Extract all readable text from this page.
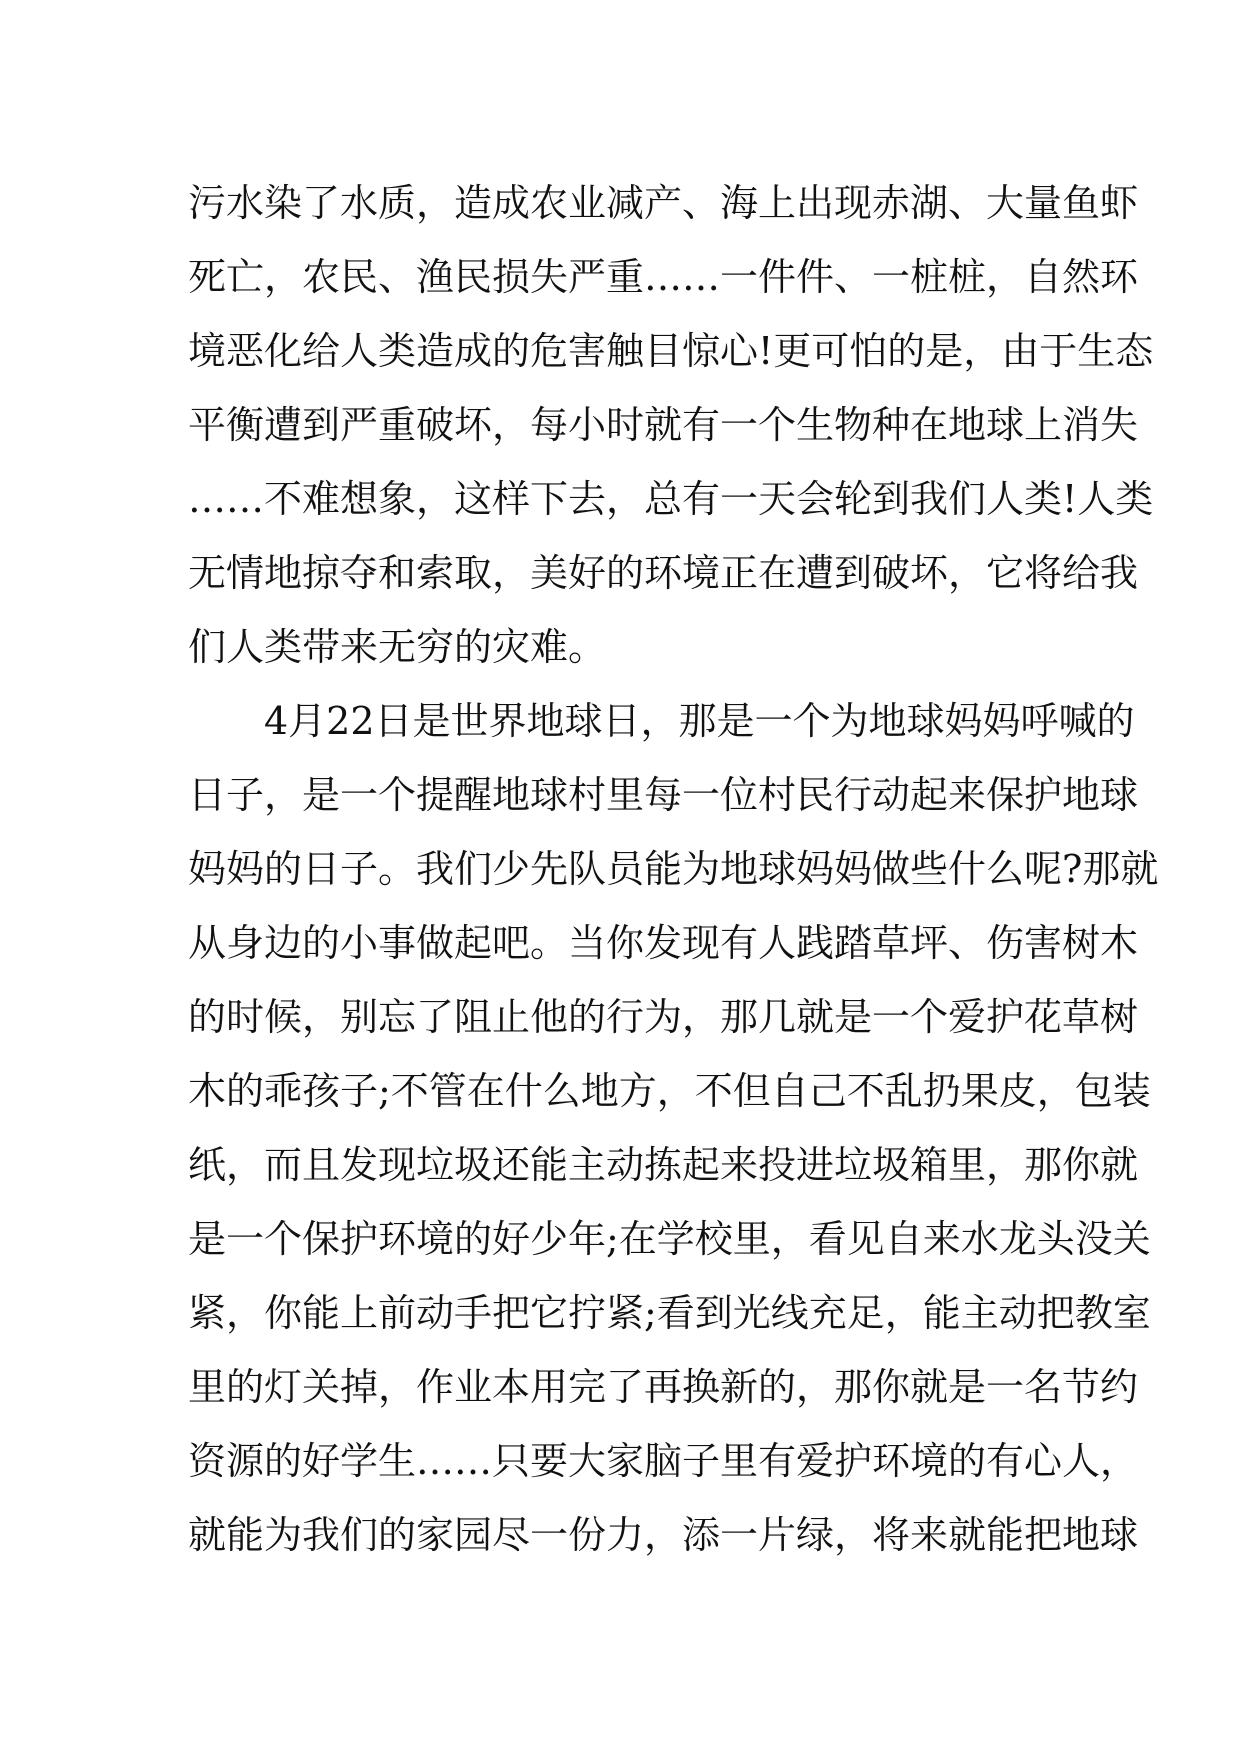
污水染了水质，造成农业减产、海上出现赤湖、大量鱼虾
死亡，农民、渔民损失严重……一件件、一桩桩，自然环
境恶化给人类造成的危害触目惊心!更可怕的是，由于生态
平衡遭到严重破坏，每小时就有一个生物种在地球上消失
……不难想象，这样下去，总有一天会轮到我们人类!人类
无情地掠夺和索取，美好的环境正在遭到破坏，它将给我
们人类带来无穷的灾难。
4月22日是世界地球日，那是一个为地球妈妈呼喊的
日子，是一个提醒地球村里每一位村民行动起来保护地球
妈妈的日子。我们少先队员能为地球妈妈做些什么呢?那就
从身边的小事做起吧。当你发现有人践踏草坪、伤害树木
的时候，别忘了阻止他的行为，那几就是一个爱护花草树
木的乖孩子;不管在什么地方，不但自己不乱扔果皮，包装
纸，而且发现垃圾还能主动拣起来投进垃圾箱里，那你就
是一个保护环境的好少年;在学校里，看见自来水龙头没关
紧，你能上前动手把它拧紧;看到光线充足，能主动把教室
里的灯关掉，作业本用完了再换新的，那你就是一名节约
资源的好学生……只要大家脑子里有爱护环境的有心人，
就能为我们的家园尽一份力，添一片绿，将来就能把地球
